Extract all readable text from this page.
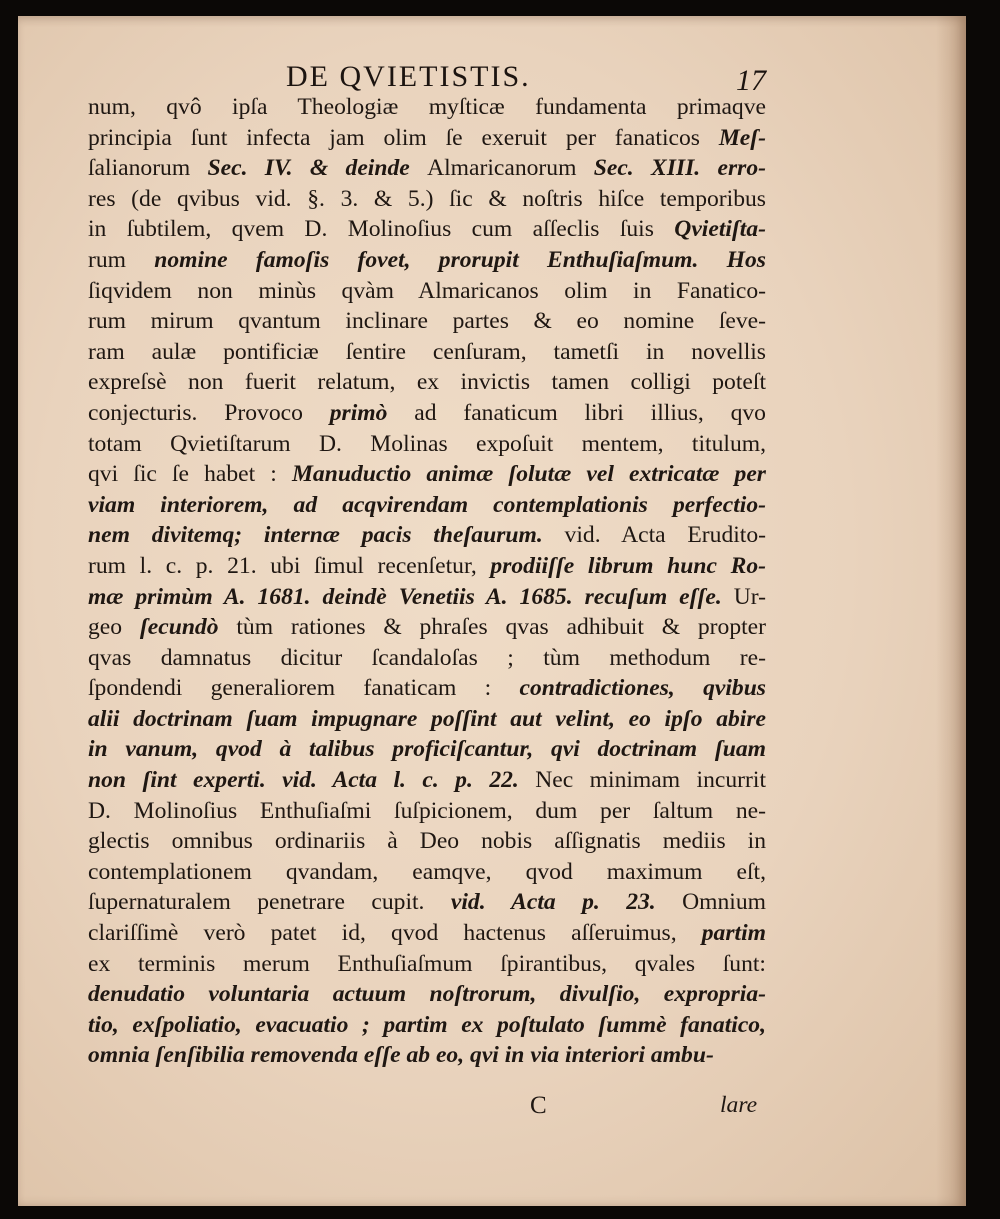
DE QVIETISTIS.	17
num, qvô ipſa Theologiæ myſticæ fundamenta primaqve
principia ſunt infecta jam olim ſe exeruit per fanaticos Meſ-
ſalianorum Sec. IV. & deinde Almaricanorum Sec. XIII. erro-
res (de qvibus vid. §. 3. & 5.) ſic & noſtris hiſce temporibus
in ſubtilem, qvem D. Molinoſius cum aſſeclis ſuis Qvietiſta-
rum nomine famoſis fovet, prorupit Enthuſiaſmum. Hos
ſiqvidem non minùs qvàm Almaricanos olim in Fanatico-
rum mirum qvantum inclinare partes & eo nomine ſeve-
ram aulæ pontificiæ ſentire cenſuram, tametſi in novellis
expreſsè non fuerit relatum, ex invictis tamen colligi poteſt
conjecturis. Provoco primò ad fanaticum libri illius, qvo
totam Qvietiſtarum D. Molinas expoſuit mentem, titulum,
qvi ſic ſe habet : Manuductio animæ ſolutæ vel extricatæ per
viam interiorem, ad acqvirendam contemplationis perfectio-
nem divitemq; internæ pacis theſaurum. vid. Acta Erudito-
rum l. c. p. 21. ubi ſimul recenſetur, prodiiſſe librum hunc Ro-
mæ primùm A. 1681. deindè Venetiis A. 1685. recuſum eſſe. Ur-
geo ſecundò tùm rationes & phraſes qvas adhibuit & propter
qvas damnatus dicitur ſcandaloſas ; tùm methodum re-
ſpondendi generaliorem fanaticam : contradictiones, qvibus
alii doctrinam ſuam impugnare poſſint aut velint, eo ipſo abire
in vanum, qvod à talibus proficiſcantur, qvi doctrinam ſuam
non ſint experti. vid. Acta l. c. p. 22. Nec minimam incurrit
D. Molinoſius Enthuſiaſmi ſuſpicionem, dum per ſaltum ne-
glectis omnibus ordinariis à Deo nobis aſſignatis mediis in
contemplationem qvandam, eamqve, qvod maximum eſt,
ſupernaturalem penetrare cupit. vid. Acta p. 23. Omnium
clariſſimè verò patet id, qvod hactenus aſſeruimus, partim
ex terminis merum Enthuſiaſmum ſpirantibus, qvales ſunt:
denudatio voluntaria actuum noſtrorum, divulſio, expropria-
tio, exſpoliatio, evacuatio ; partim ex poſtulato ſummè fanatico,
omnia ſenſibilia removenda eſſe ab eo, qvi in via interiori ambu-
C	lare
